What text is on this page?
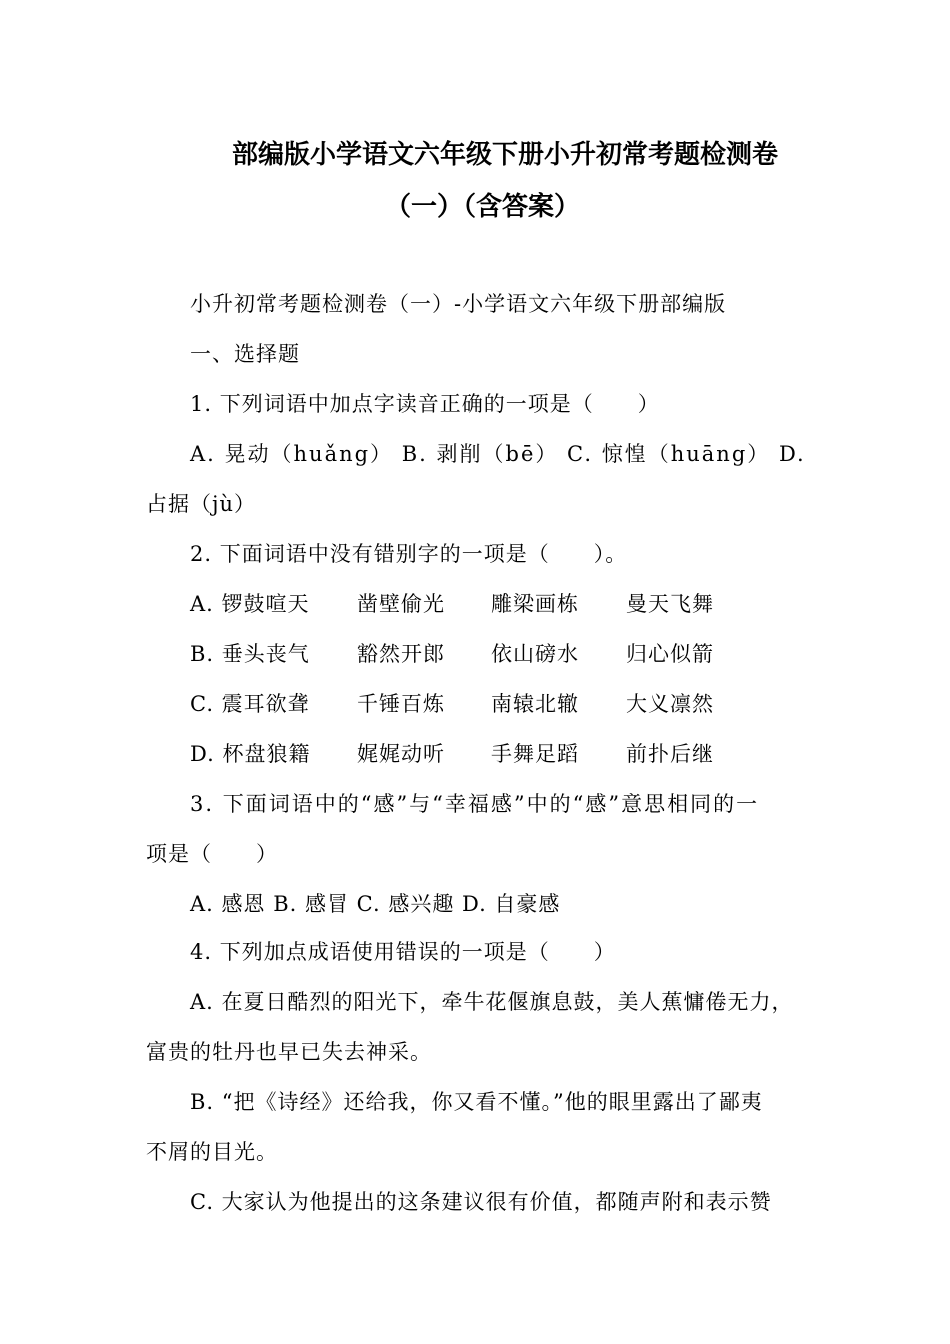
部编版小学语文六年级下册小升初常考题检测卷
（一）（含答案）
小升初常考题检测卷（一）-小学语文六年级下册部编版
一、选择题
1. 下列词语中加点字读音正确的一项是（　　）
A. 晃动（huǎng） B. 剥削（bē） C. 惊惶（huāng） D.
占据（jù）
2. 下面词语中没有错别字的一项是（　　）。
A. 锣鼓喧天 凿壁偷光 雕梁画栋 曼天飞舞
B. 垂头丧气 豁然开郎 依山磅水 归心似箭
C. 震耳欲聋 千锤百炼 南辕北辙 大义凛然
D. 杯盘狼籍 娓娓动听 手舞足蹈 前扑后继
3. 下面词语中的“感”与“幸福感”中的“感”意思相同的一
项是（　　）
A. 感恩 B. 感冒 C. 感兴趣 D. 自豪感
4. 下列加点成语使用错误的一项是（　　）
A. 在夏日酷烈的阳光下，牵牛花偃旗息鼓，美人蕉慵倦无力，
富贵的牡丹也早已失去神采。
B. “把《诗经》还给我，你又看不懂。”他的眼里露出了鄙夷
不屑的目光。
C. 大家认为他提出的这条建议很有价值，都随声附和表示赞
